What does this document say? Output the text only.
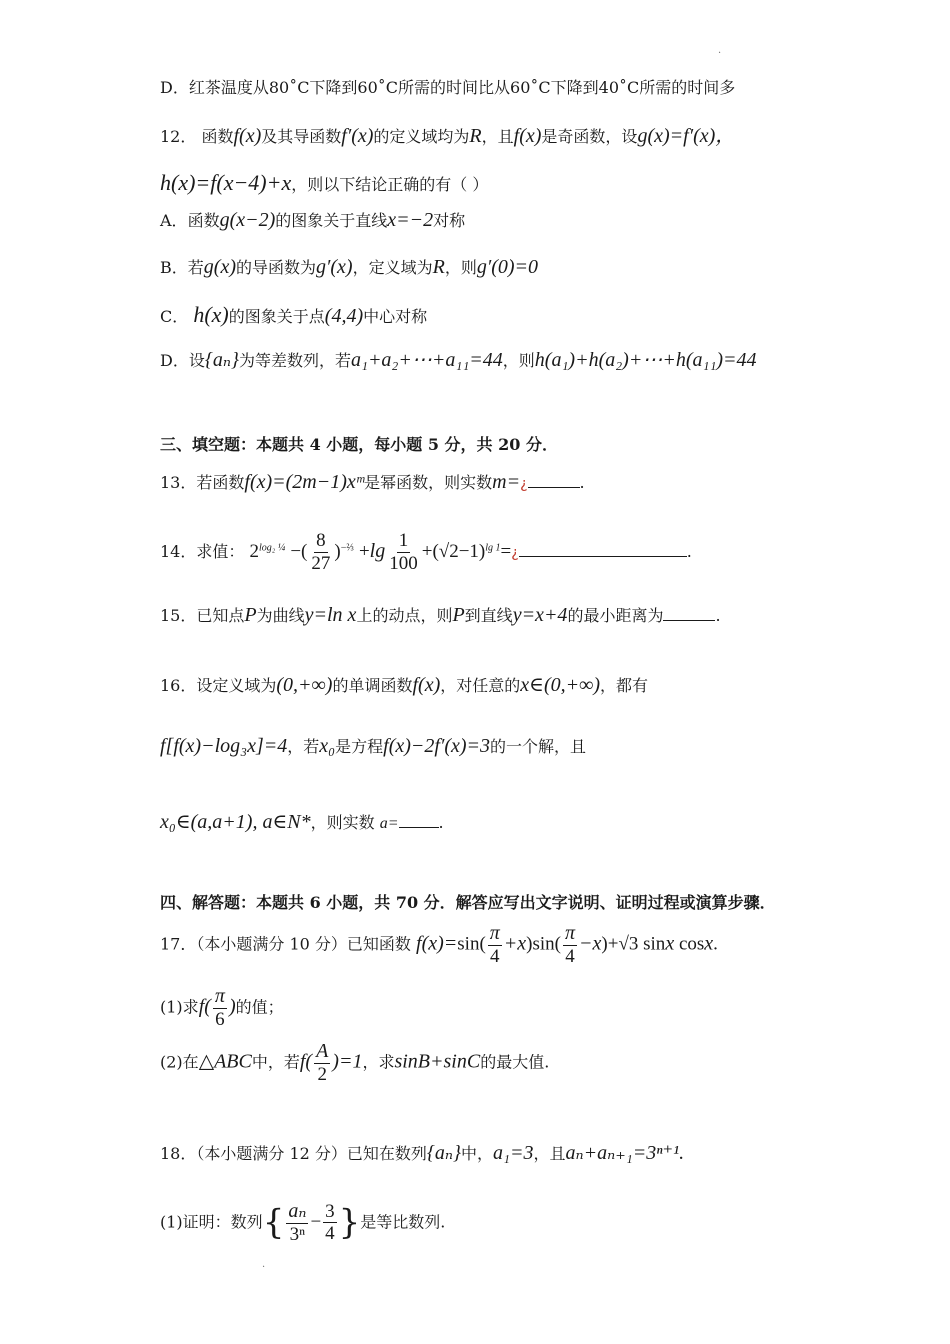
D．红茶温度从80˚C下降到60˚C所需的时间比从60˚C下降到40˚C所需的时间多
12． 函数f(x)及其导函数f′(x)的定义域均为R，且f(x)是奇函数，设g(x)=f′(x)，
h(x)=f(x−4)+x，则以下结论正确的有（ ）
A．函数g(x−2)的图象关于直线x=−2对称
B．若g(x)的导函数为g′(x)，定义域为R，则g′(0)=0
C． h(x)的图象关于点(4,4)中心对称
D．设{aₙ}为等差数列，若a₁+a₂+⋯+a₁₁=44，则h(a₁)+h(a₂)+⋯+h(a₁₁)=44
三、填空题：本题共 4 小题，每小题 5 分，共 20 分．
13．若函数f(x)=(2m−1)xᵐ是幂函数，则实数m=¿	.
14．求值： $2^{log_2 \frac{1}{4}}$ −( $\frac{8}{27} )^{-\frac{2}{3}} +\lg \frac{1}{100}$ $+(√2-1)^{lg 1}=¿$	.
15．已知点P为曲线y=ln x上的动点，则P到直线y=x+4的最小距离为	.
16．设定义域为(0,+∞)的单调函数f(x)，对任意的x∈(0,+∞)，都有
f[f(x)−log₃x]=4，若x₀是方程f(x)−2f′(x)=3的一个解，且
x₀∈(a,a+1), a∈N*，则实数 a=	.
四、解答题：本题共 6 小题，共 70 分．解答应写出文字说明、证明过程或演算步骤．
17．（本小题满分 10 分）已知函数 $f(x)=\sin( \frac{\pi}{4} +x)\sin( \frac{\pi}{4} -x)+√3$ sinx cosx.
(1)求$f( \frac{\pi}{6}$ )的值；
(2)在△ABC中，若$f( \frac{A}{2} )=1$，求sinB+sinC的最大值.
18．（本小题满分 12 分）已知在数列{aₙ}中，a₁=3，且aₙ+aₙ₊₁=3ⁿ⁺¹.
(1)证明：数列{ $\frac{\text{aₙ}}{\text{3ⁿ}} - \frac{3}{4}$ }是等比数列.
·
·
